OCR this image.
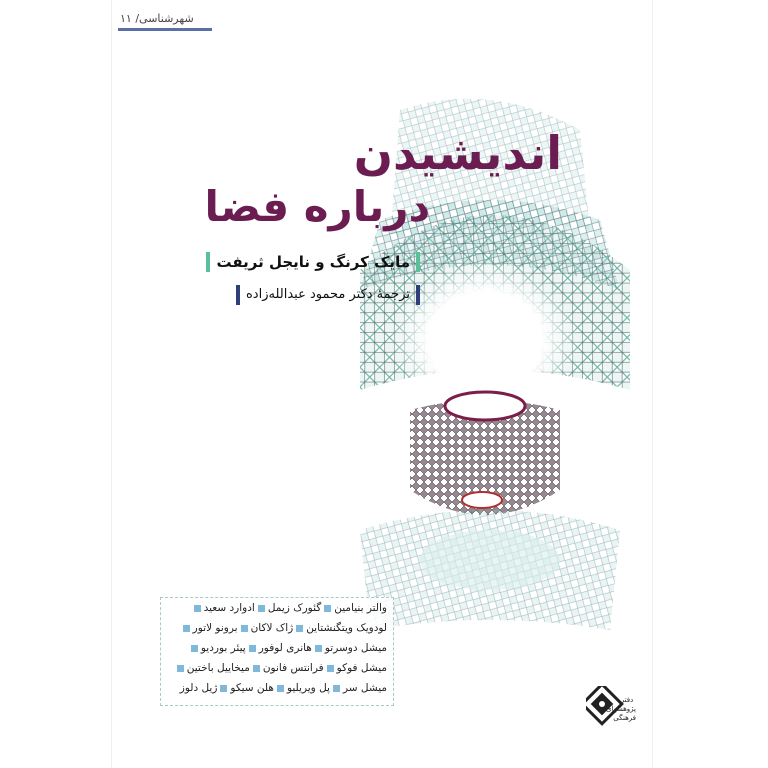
شهرشناسی/ ۱۱
اندیشیدن
درباره فضا
مایک کرنگ و نایجل ثریفت
ترجمۀ دکتر محمود عبدالله‌زاده
والتر بنیامینگئورک زیملادوارد سعید
لودویک ویتگنشتاینژاک لاکانبرونو لاتور
میشل دوسرتوهانری لوفورپیئر بوردیو
میشل فوکوفرانتس فانونمیخاییل باختین
میشل سرپل ویریلیوهلن سیکوژیل دلوز
دفتر پژوهشهای فرهنگی
